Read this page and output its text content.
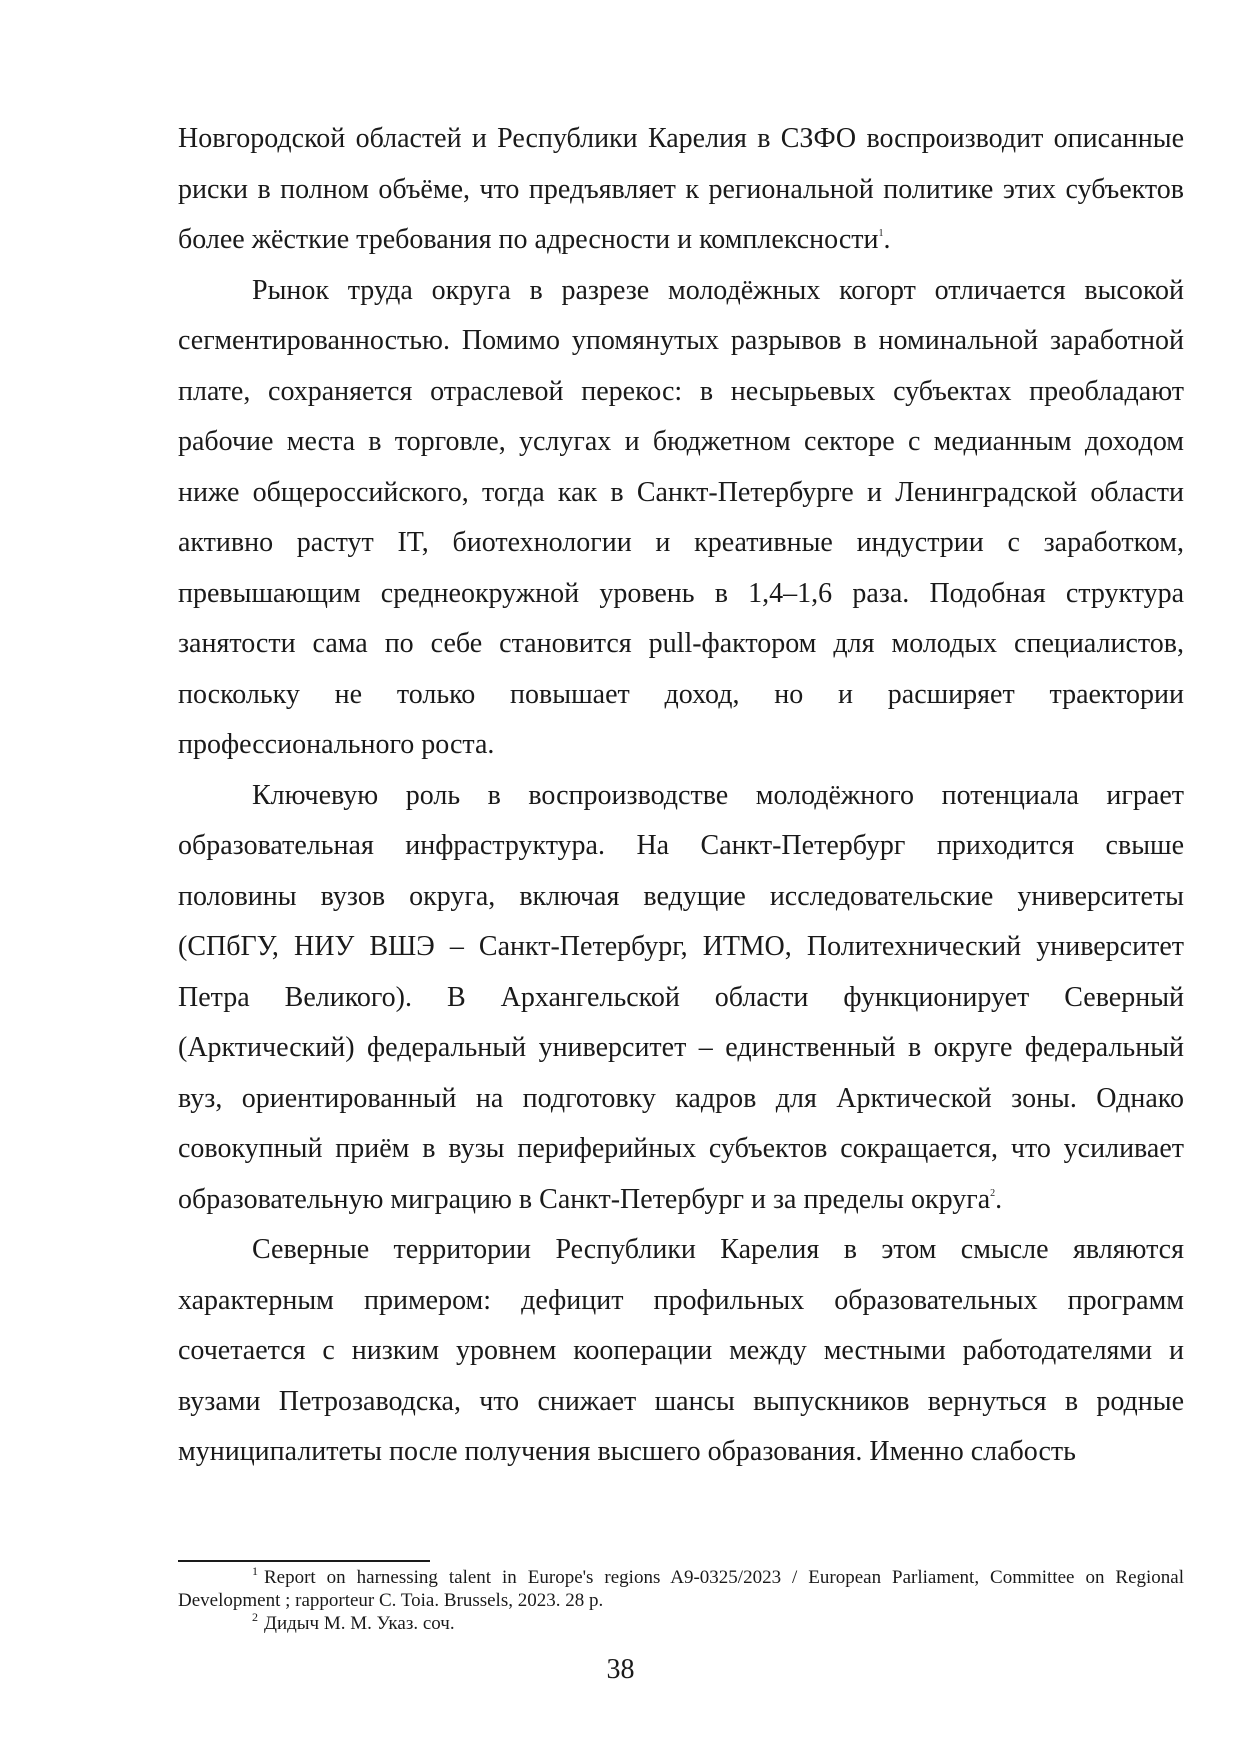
Новгородской областей и Республики Карелия в СЗФО воспроизводит описанные риски в полном объёме, что предъявляет к региональной политике этих субъектов более жёсткие требования по адресности и комплексности$^1$.

Рынок труда округа в разрезе молодёжных когорт отличается высокой сегментированностью. Помимо упомянутых разрывов в номинальной заработной плате, сохраняется отраслевой перекос: в несырьевых субъектах преобладают рабочие места в торговле, услугах и бюджетном секторе с медианным доходом ниже общероссийского, тогда как в Санкт-Петербурге и Ленинградской области активно растут IT, биотехнологии и креативные индустрии с заработком, превышающим среднеокружной уровень в 1,4–1,6 раза. Подобная структура занятости сама по себе становится pull-фактором для молодых специалистов, поскольку не только повышает доход, но и расширяет траектории профессионального роста.

Ключевую роль в воспроизводстве молодёжного потенциала играет образовательная инфраструктура. На Санкт-Петербург приходится свыше половины вузов округа, включая ведущие исследовательские университеты (СПбГУ, НИУ ВШЭ – Санкт-Петербург, ИТМО, Политехнический университет Петра Великого). В Архангельской области функционирует Северный (Арктический) федеральный университет – единственный в округе федеральный вуз, ориентированный на подготовку кадров для Арктической зоны. Однако совокупный приём в вузы периферийных субъектов сокращается, что усиливает образовательную миграцию в Санкт-Петербург и за пределы округа$^2$.

Северные территории Республики Карелия в этом смысле являются характерным примером: дефицит профильных образовательных программ сочетается с низким уровнем кооперации между местными работодателями и вузами Петрозаводска, что снижает шансы выпускников вернуться в родные муниципалитеты после получения высшего образования. Именно слабость

$^1$ Report on harnessing talent in Europe's regions A9-0325/2023 / European Parliament, Committee on Regional Development ; rapporteur C. Toia. Brussels, 2023. 28 p.

$^2$ Дидыч М. М. Указ. соч.

38
